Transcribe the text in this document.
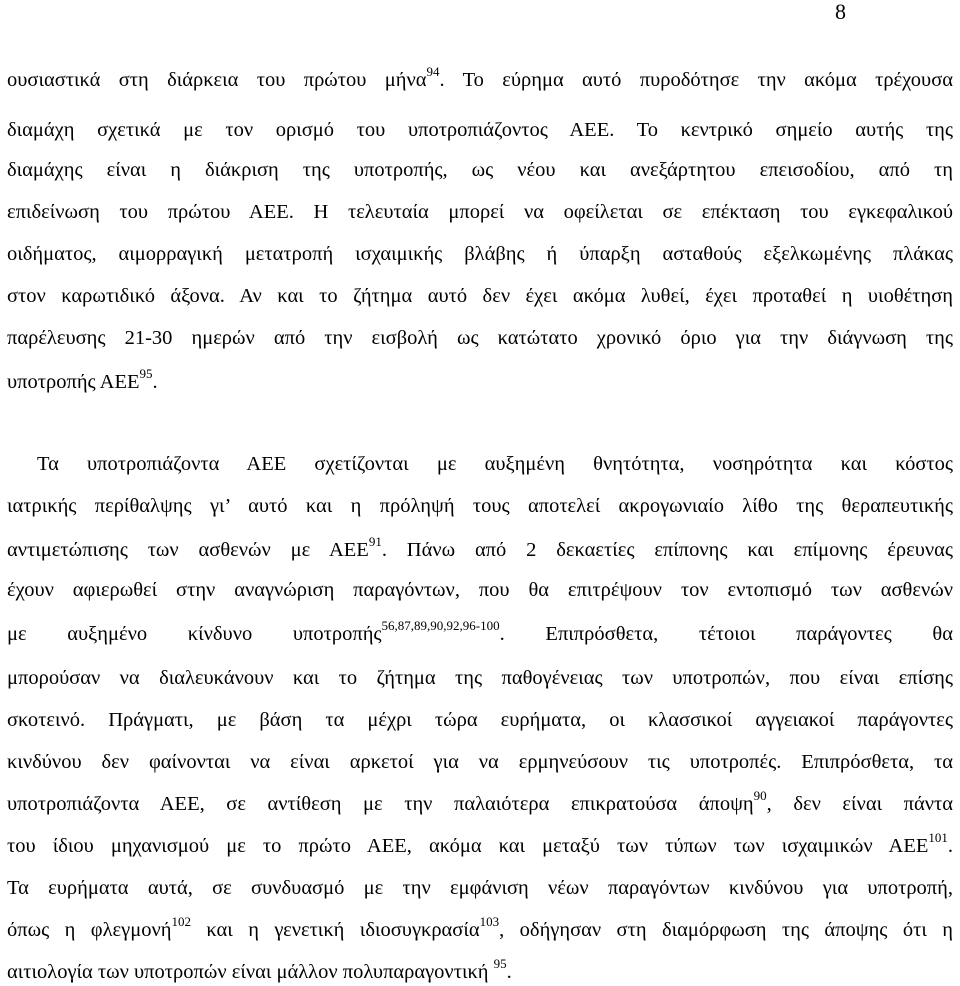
8
ουσιαστικά στη διάρκεια του πρώτου μήνα$^{94}$. Το εύρημα αυτό πυροδότησε την ακόμα τρέχουσα
διαμάχη σχετικά με τον ορισμό του υποτροπιάζοντος ΑΕΕ. Το κεντρικό σημείο αυτής της
διαμάχης είναι η διάκριση της υποτροπής, ως νέου και ανεξάρτητου επεισοδίου, από τη
επιδείνωση του πρώτου ΑΕΕ. Η τελευταία μπορεί να οφείλεται σε επέκταση του εγκεφαλικού
οιδήματος, αιμορραγική μετατροπή ισχαιμικής βλάβης ή ύπαρξη ασταθούς εξελκωμένης πλάκας
στον καρωτιδικό άξονα. Αν και το ζήτημα αυτό δεν έχει ακόμα λυθεί, έχει προταθεί η υιοθέτηση
παρέλευσης 21-30 ημερών από την εισβολή ως κατώτατο χρονικό όριο για την διάγνωση της
υποτροπής ΑΕΕ$^{95}$.
Τα υποτροπιάζοντα ΑΕΕ σχετίζονται με αυξημένη θνητότητα, νοσηρότητα και κόστος
ιατρικής περίθαλψης γι’ αυτό και η πρόληψή τους αποτελεί ακρογωνιαίο λίθο της θεραπευτικής
αντιμετώπισης των ασθενών με ΑΕΕ$^{91}$. Πάνω από 2 δεκαετίες επίπονης και επίμονης έρευνας
έχουν αφιερωθεί στην αναγνώριση παραγόντων, που θα επιτρέψουν τον εντοπισμό των ασθενών
με αυξημένο κίνδυνο υποτροπής$^{56,87,89,90,92,96-100}$. Επιπρόσθετα, τέτοιοι παράγοντες θα
μπορούσαν να διαλευκάνουν και το ζήτημα της παθογένειας των υποτροπών, που είναι επίσης
σκοτεινό. Πράγματι, με βάση τα μέχρι τώρα ευρήματα, οι κλασσικοί αγγειακοί παράγοντες
κινδύνου δεν φαίνονται να είναι αρκετοί για να ερμηνεύσουν τις υποτροπές. Επιπρόσθετα, τα
υποτροπιάζοντα ΑΕΕ, σε αντίθεση με την παλαιότερα επικρατούσα άποψη$^{90}$, δεν είναι πάντα
του ίδιου μηχανισμού με το πρώτο ΑΕΕ, ακόμα και μεταξύ των τύπων των ισχαιμικών ΑΕΕ$^{101}$.
Τα ευρήματα αυτά, σε συνδυασμό με την εμφάνιση νέων παραγόντων κινδύνου για υποτροπή,
όπως η φλεγμονή$^{102}$ και η γενετική ιδιοσυγκρασία$^{103}$, οδήγησαν στη διαμόρφωση της άποψης ότι η
αιτιολογία των υποτροπών είναι μάλλον πολυπαραγοντική $^{95}$.
